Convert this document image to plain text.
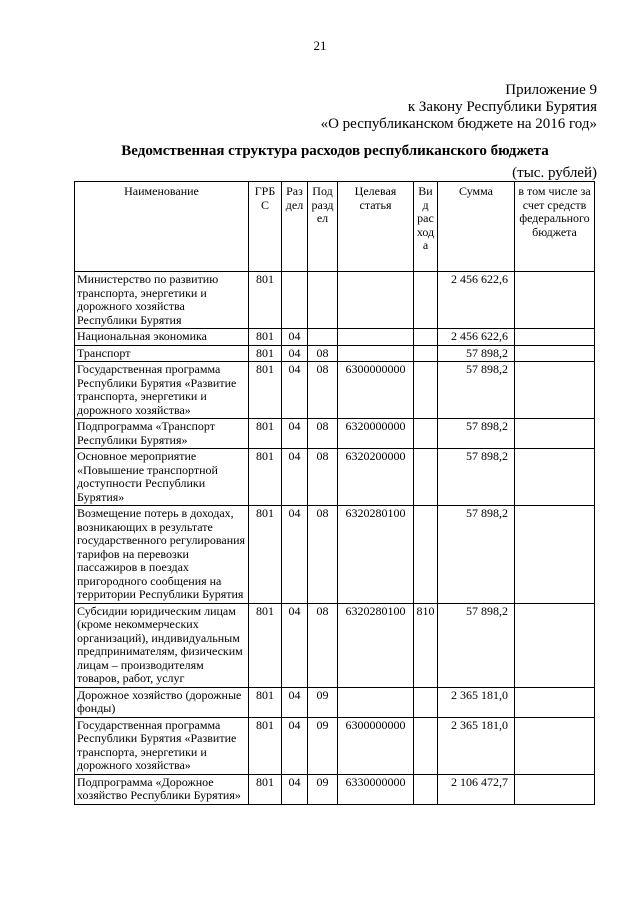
21
Приложение 9
к Закону Республики Бурятия
«О республиканском бюджете на 2016 год»
Ведомственная структура расходов республиканского бюджета
(тыс. рублей)
Наименование	ГРБС	Раздел	Подраздел	Целевая статья	Вид расхода	Сумма	в том числе за счет средств федерального бюджета
Министерство по развитию транспорта, энергетики и дорожного хозяйства Республики Бурятия	801					2 456 622,6	
Национальная экономика	801	04				2 456 622,6	
Транспорт	801	04	08			57 898,2	
Государственная программа Республики Бурятия «Развитие транспорта, энергетики и дорожного хозяйства»	801	04	08	6300000000		57 898,2	
Подпрограмма «Транспорт Республики Бурятия»	801	04	08	6320000000		57 898,2	
Основное мероприятие «Повышение транспортной доступности Республики Бурятия»	801	04	08	6320200000		57 898,2	
Возмещение потерь в доходах, возникающих в результате государственного регулирования тарифов на перевозки пассажиров в поездах пригородного сообщения на территории Республики Бурятия	801	04	08	6320280100		57 898,2	
Субсидии юридическим лицам (кроме некоммерческих организаций), индивидуальным предпринимателям, физическим лицам – производителям товаров, работ, услуг	801	04	08	6320280100	810	57 898,2	
Дорожное хозяйство (дорожные фонды)	801	04	09			2 365 181,0	
Государственная программа Республики Бурятия «Развитие транспорта, энергетики и дорожного хозяйства»	801	04	09	6300000000		2 365 181,0	
Подпрограмма «Дорожное хозяйство Республики Бурятия»	801	04	09	6330000000		2 106 472,7	
